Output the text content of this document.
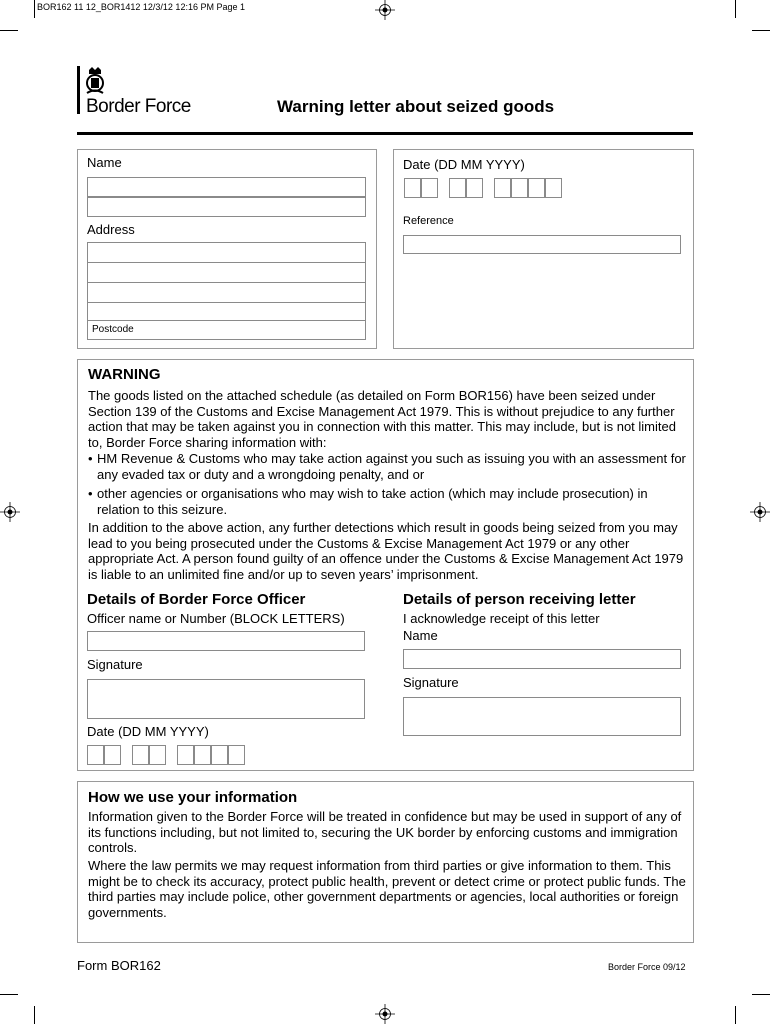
BOR162 11 12_BOR1412 12/3/12 12:16 PM Page 1
Border Force	Warning letter about seized goods
Name
Address
Postcode
Date (DD MM YYYY)
Reference
WARNING
The goods listed on the attached schedule (as detailed on Form BOR156) have been seized under Section 139 of the Customs and Excise Management Act 1979. This is without prejudice to any further action that may be taken against you in connection with this matter. This may include, but is not limited to, Border Force sharing information with:
• HM Revenue & Customs who may take action against you such as issuing you with an assessment for any evaded tax or duty and a wrongdoing penalty, and or
• other agencies or organisations who may wish to take action (which may include prosecution) in relation to this seizure.
In addition to the above action, any further detections which result in goods being seized from you may lead to you being prosecuted under the Customs & Excise Management Act 1979 or any other appropriate Act. A person found guilty of an offence under the Customs & Excise Management Act 1979 is liable to an unlimited fine and/or up to seven years’ imprisonment.
Details of Border Force Officer
Officer name or Number (BLOCK LETTERS)
Signature
Date (DD MM YYYY)
Details of person receiving letter
I acknowledge receipt of this letter
Name
Signature
How we use your information
Information given to the Border Force will be treated in confidence but may be used in support of any of its functions including, but not limited to, securing the UK border by enforcing customs and immigration controls.
Where the law permits we may request information from third parties or give information to them. This might be to check its accuracy, protect public health, prevent or detect crime or protect public funds. The third parties may include police, other government departments or agencies, local authorities or foreign governments.
Form BOR162	Border Force 09/12
